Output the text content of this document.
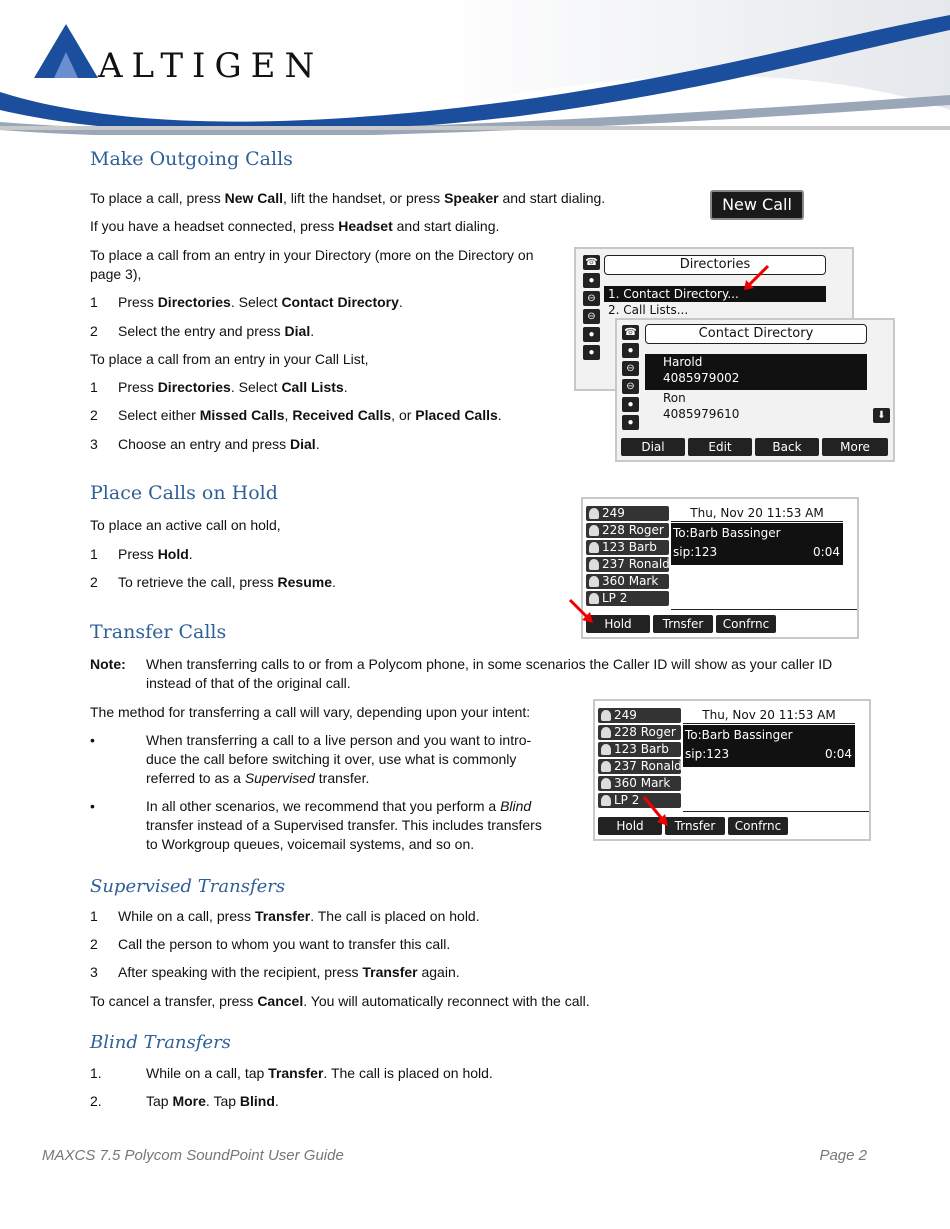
ALTIGEN
Make Outgoing Calls
To place a call, press New Call, lift the handset, or press Speaker and start dialing.
If you have a headset connected, press Headset and start dialing.
To place a call from an entry in your Directory (more on the Directory on
page 3),
1 Press Directories. Select Contact Directory.
2 Select the entry and press Dial.
To place a call from an entry in your Call List,
1 Press Directories. Select Call Lists.
2 Select either Missed Calls, Received Calls, or Placed Calls.
3 Choose an entry and press Dial.
New Call
☎
●
⊖
⊖
●
●
Directories
1. Contact Directory...
2. Call Lists...
☎
●
⊖
⊖
●
●
Contact Directory
Harold
4085979002
Ron
4085979610	⬇
Dial	Edit	Back	More
Place Calls on Hold
To place an active call on hold,
1 Press Hold.
2 To retrieve the call, press Resume.
249
228 Roger
123 Barb
237 Ronald
360 Mark
LP 2
Thu, Nov 20 11:53 AM
To:Barb Bassinger
sip:123	0:04
Hold	Trnsfer	Confrnc
Transfer Calls
Note: When transferring calls to or from a Polycom phone, in some scenarios the Caller ID will show as your caller ID
instead of that of the original call.
The method for transferring a call will vary, depending upon your intent:
•	When transferring a call to a live person and you want to intro-
duce the call before switching it over, use what is commonly
referred to as a Supervised transfer.
•	In all other scenarios, we recommend that you perform a Blind
transfer instead of a Supervised transfer. This includes transfers
to Workgroup queues, voicemail systems, and so on.
249
228 Roger
123 Barb
237 Ronald
360 Mark
LP 2
Thu, Nov 20 11:53 AM
To:Barb Bassinger
sip:123	0:04
Hold	Trnsfer	Confrnc
Supervised Transfers
1 While on a call, press Transfer. The call is placed on hold.
2 Call the person to whom you want to transfer this call.
3 After speaking with the recipient, press Transfer again.
To cancel a transfer, press Cancel. You will automatically reconnect with the call.
Blind Transfers
1.	While on a call, tap Transfer. The call is placed on hold.
2.	Tap More. Tap Blind.
MAXCS 7.5 Polycom SoundPoint User Guide	Page 2
